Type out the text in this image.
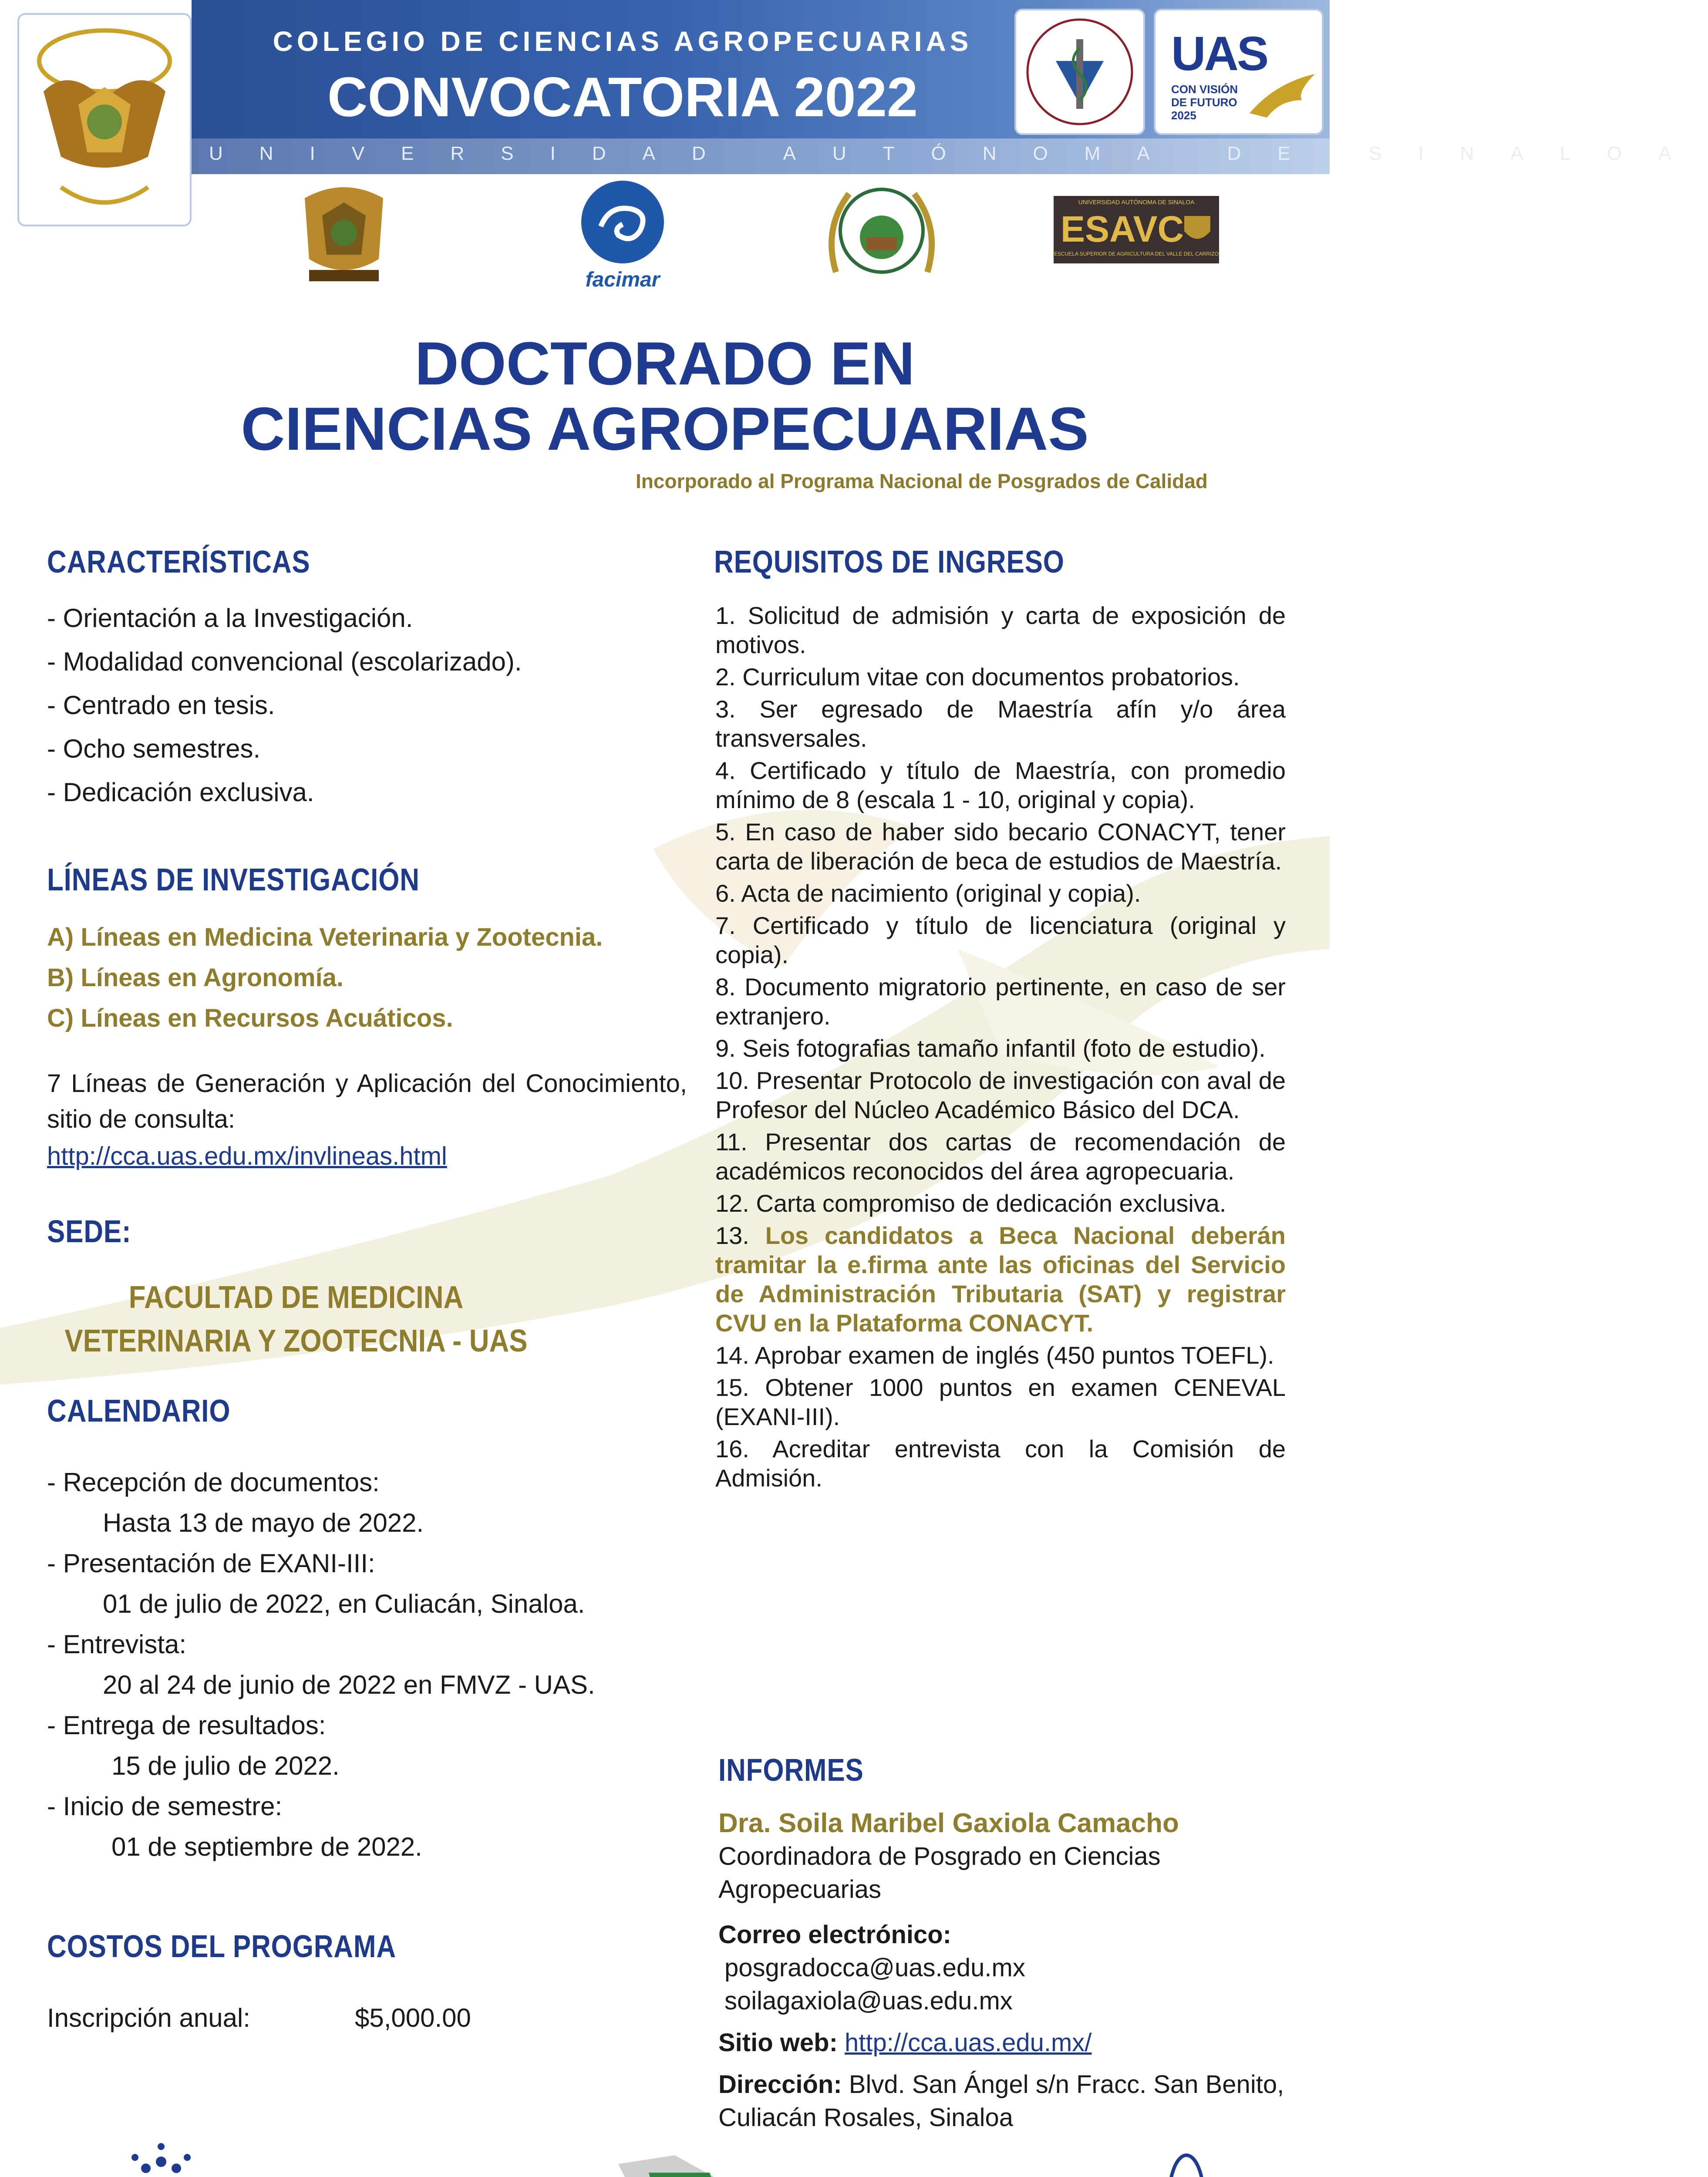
COLEGIO DE CIENCIAS AGROPECUARIAS
CONVOCATORIA 2022
UNIVERSIDAD AUTÓNOMA DE SINALOA
UAS
CON VISIÓN DE FUTURO 2025
facimar
UNIVERSIDAD AUTÓNOMA DE SINALOA
ESAVC
ESCUELA SUPERIOR DE AGRICULTURA DEL VALLE DEL CARRIZO
DOCTORADO EN
CIENCIAS AGROPECUARIAS
Incorporado al Programa Nacional de Posgrados de Calidad
CARACTERÍSTICAS
- Orientación a la Investigación.
- Modalidad convencional (escolarizado).
- Centrado en tesis.
- Ocho semestres.
- Dedicación exclusiva.
LÍNEAS DE INVESTIGACIÓN
A) Líneas en Medicina Veterinaria y Zootecnia.
B) Líneas en Agronomía.
C) Líneas en Recursos Acuáticos.
7 Líneas de Generación y Aplicación del Conocimiento, sitio de consulta:
http://cca.uas.edu.mx/invlineas.html
SEDE:
FACULTAD DE MEDICINA
VETERINARIA Y ZOOTECNIA - UAS
CALENDARIO
- Recepción de documentos:
Hasta 13 de mayo de 2022.
- Presentación de EXANI-III:
01 de julio de 2022, en Culiacán, Sinaloa.
- Entrevista:
20 al 24 de junio de 2022 en FMVZ - UAS.
- Entrega de resultados:
15 de julio de 2022.
- Inicio de semestre:
01 de septiembre de 2022.
COSTOS DEL PROGRAMA
Inscripción anual:	$5,000.00
REQUISITOS DE INGRESO
1. Solicitud de admisión y carta de exposición de motivos.
2. Curriculum vitae con documentos probatorios.
3. Ser egresado de Maestría afín y/o área transversales.
4. Certificado y título de Maestría, con promedio mínimo de 8 (escala 1 - 10, original y copia).
5. En caso de haber sido becario CONACYT, tener carta de liberación de beca de estudios de Maestría.
6. Acta de nacimiento (original y copia).
7. Certificado y título de licenciatura (original y copia).
8. Documento migratorio pertinente, en caso de ser extranjero.
9. Seis fotografias tamaño infantil (foto de estudio).
10. Presentar Protocolo de investigación con aval de Profesor del Núcleo Académico Básico del DCA.
11. Presentar dos cartas de recomendación de académicos reconocidos del área agropecuaria.
12. Carta compromiso de dedicación exclusiva.
13. Los candidatos a Beca Nacional deberán tramitar la e.firma ante las oficinas del Servicio de Administración Tributaria (SAT) y registrar CVU en la Plataforma CONACYT.
14. Aprobar examen de inglés (450 puntos TOEFL).
15. Obtener 1000 puntos en examen CENEVAL (EXANI-III).
16. Acreditar entrevista con la Comisión de Admisión.
INFORMES
Dra. Soila Maribel Gaxiola Camacho
Coordinadora de Posgrado en Ciencias Agropecuarias
Correo electrónico:
posgradocca@uas.edu.mx
soilagaxiola@uas.edu.mx
Sitio web: http://cca.uas.edu.mx/
Dirección: Blvd. San Ángel s/n Fracc. San Benito, Culiacán Rosales, Sinaloa
